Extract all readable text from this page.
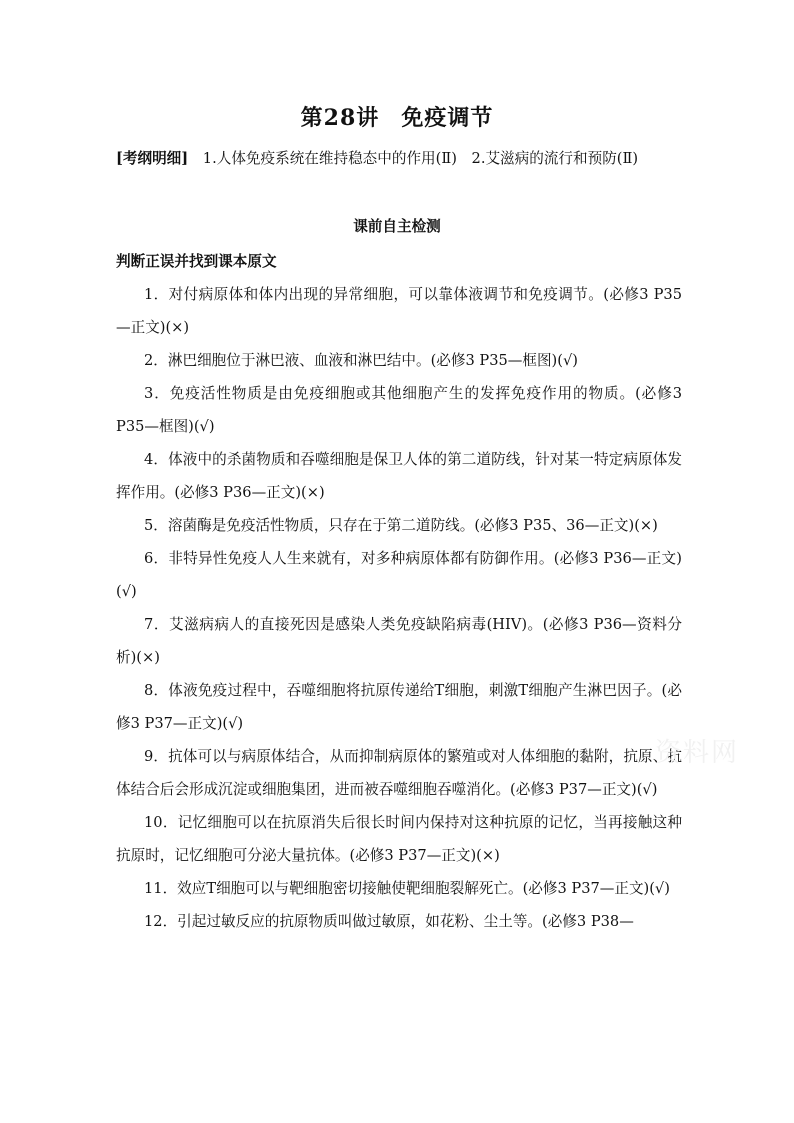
第28讲 免疫调节
[考纲明细]　 1.人体免疫系统在维持稳态中的作用(Ⅱ)　2.艾滋病的流行和预防(Ⅱ)
课前自主检测
判断正误并找到课本原文

1．对付病原体和体内出现的异常细胞，可以靠体液调节和免疫调节。(必修3 P35—正文)(×)

2．淋巴细胞位于淋巴液、血液和淋巴结中。(必修3 P35—框图)(√)

3．免疫活性物质是由免疫细胞或其他细胞产生的发挥免疫作用的物质。(必修3 P35—框图)(√)

4．体液中的杀菌物质和吞噬细胞是保卫人体的第二道防线，针对某一特定病原体发挥作用。(必修3 P36—正文)(×)

5．溶菌酶是免疫活性物质，只存在于第二道防线。(必修3 P35、36—正文)(×)

6．非特异性免疫人人生来就有，对多种病原体都有防御作用。(必修3 P36—正文)(√)

7．艾滋病病人的直接死因是感染人类免疫缺陷病毒(HIV)。(必修3 P36—资料分析)(×)

8．体液免疫过程中，吞噬细胞将抗原传递给T细胞，刺激T细胞产生淋巴因子。(必修3 P37—正文)(√)

9．抗体可以与病原体结合，从而抑制病原体的繁殖或对人体细胞的黏附，抗原、抗体结合后会形成沉淀或细胞集团，进而被吞噬细胞吞噬消化。(必修3 P37—正文)(√)

10．记忆细胞可以在抗原消失后很长时间内保持对这种抗原的记忆，当再接触这种抗原时，记忆细胞可分泌大量抗体。(必修3 P37—正文)(×)

11．效应T细胞可以与靶细胞密切接触使靶细胞裂解死亡。(必修3 P37—正文)(√)

12．引起过敏反应的抗原物质叫做过敏原，如花粉、尘土等。(必修3 P38—

资料网
